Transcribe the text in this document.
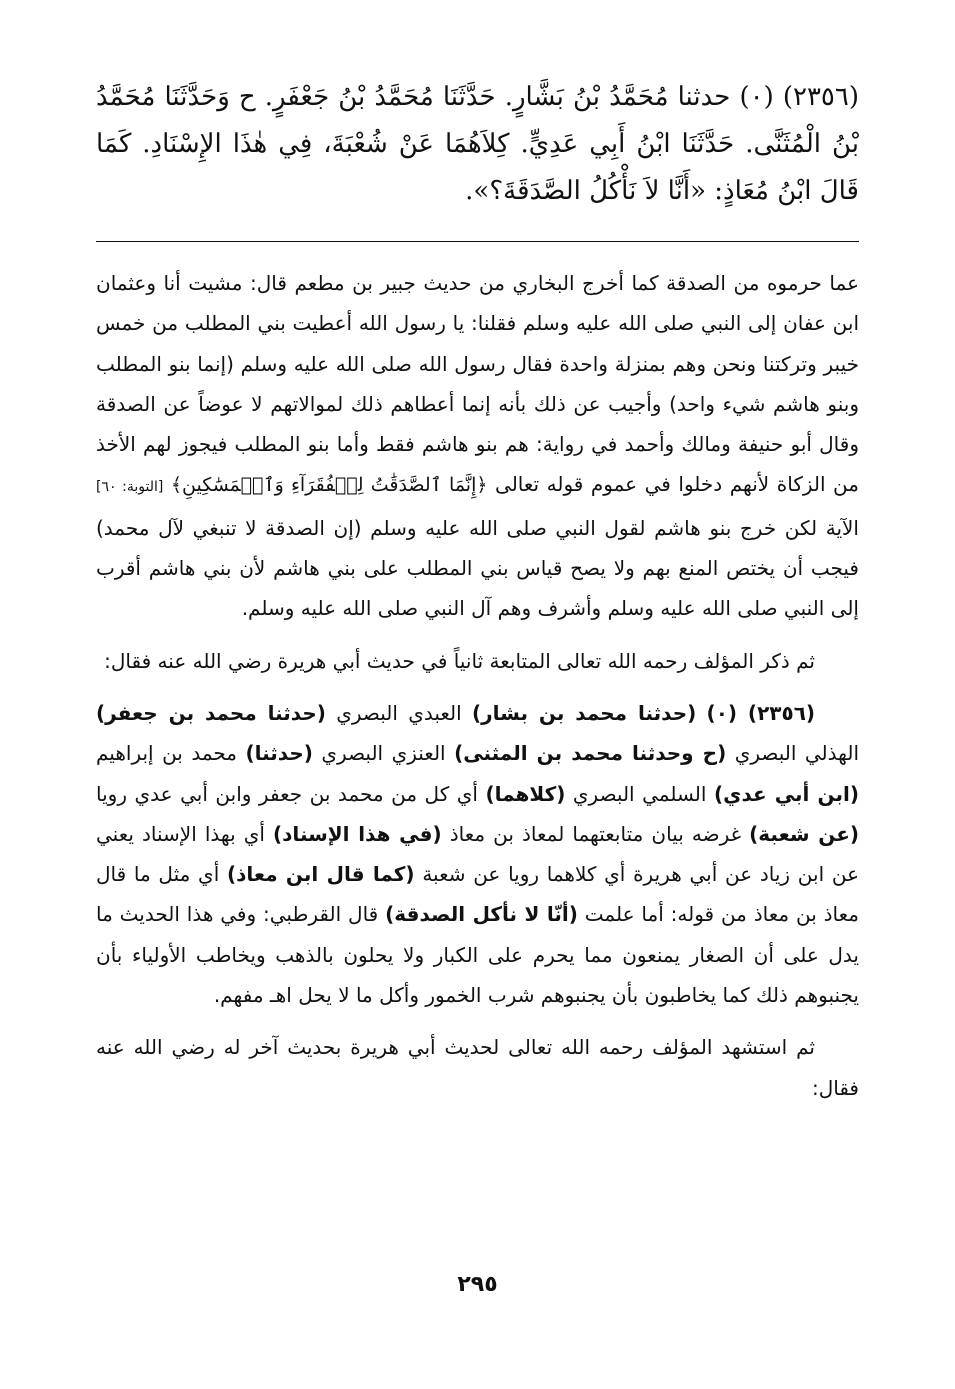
(٢٣٥٦) (٠) حدثنا مُحَمَّدُ بْنُ بَشَّارٍ. حَدَّثَنَا مُحَمَّدُ بْنُ جَعْفَرٍ. ح وَحَدَّثَنَا مُحَمَّدُ بْنُ الْمُثَنَّى. حَدَّثَنَا ابْنُ أَبِي عَدِيٍّ. كِلاَهُمَا عَنْ شُعْبَةَ، فِي هٰذَا الإِسْنَادِ. كَمَا قَالَ ابْنُ مُعَاذٍ: «أَنَّا لاَ نَأْكُلُ الصَّدَقَةَ؟».

عما حرموه من الصدقة كما أخرج البخاري من حديث جبير بن مطعم قال: مشيت أنا وعثمان ابن عفان إلى النبي صلى الله عليه وسلم فقلنا: يا رسول الله أعطيت بني المطلب من خمس خيبر وتركتنا ونحن وهم بمنزلة واحدة فقال رسول الله صلى الله عليه وسلم (إنما بنو المطلب وبنو هاشم شيء واحد) وأجيب عن ذلك بأنه إنما أعطاهم ذلك لموالاتهم لا عوضاً عن الصدقة وقال أبو حنيفة ومالك وأحمد في رواية: هم بنو هاشم فقط وأما بنو المطلب فيجوز لهم الأخذ من الزكاة لأنهم دخلوا في عموم قوله تعالى ﴿إِنَّمَا ٱلصَّدَقَٰتُ لِلۡفُقَرَآءِ وَٱلۡمَسَٰكِينِ﴾ [التوبة: ٦٠] الآية لكن خرج بنو هاشم لقول النبي صلى الله عليه وسلم (إن الصدقة لا تنبغي لآل محمد) فيجب أن يختص المنع بهم ولا يصح قياس بني المطلب على بني هاشم لأن بني هاشم أقرب إلى النبي صلى الله عليه وسلم وأشرف وهم آل النبي صلى الله عليه وسلم.

ثم ذكر المؤلف رحمه الله تعالى المتابعة ثانياً في حديث أبي هريرة رضي الله عنه فقال:

(٢٣٥٦) (٠) (حدثنا محمد بن بشار) العبدي البصري (حدثنا محمد بن جعفر) الهذلي البصري (ح وحدثنا محمد بن المثنى) العنزي البصري (حدثنا) محمد بن إبراهيم (ابن أبي عدي) السلمي البصري (كلاهما) أي كل من محمد بن جعفر وابن أبي عدي رويا (عن شعبة) غرضه بيان متابعتهما لمعاذ بن معاذ (في هذا الإسناد) أي بهذا الإسناد يعني عن ابن زياد عن أبي هريرة أي كلاهما رويا عن شعبة (كما قال ابن معاذ) أي مثل ما قال معاذ بن معاذ من قوله: أما علمت (أنّا لا نأكل الصدقة) قال القرطبي: وفي هذا الحديث ما يدل على أن الصغار يمنعون مما يحرم على الكبار ولا يحلون بالذهب ويخاطب الأولياء بأن يجنبوهم ذلك كما يخاطبون بأن يجنبوهم شرب الخمور وأكل ما لا يحل اهـ مفهم.

ثم استشهد المؤلف رحمه الله تعالى لحديث أبي هريرة بحديث آخر له رضي الله عنه فقال:

٢٩٥
